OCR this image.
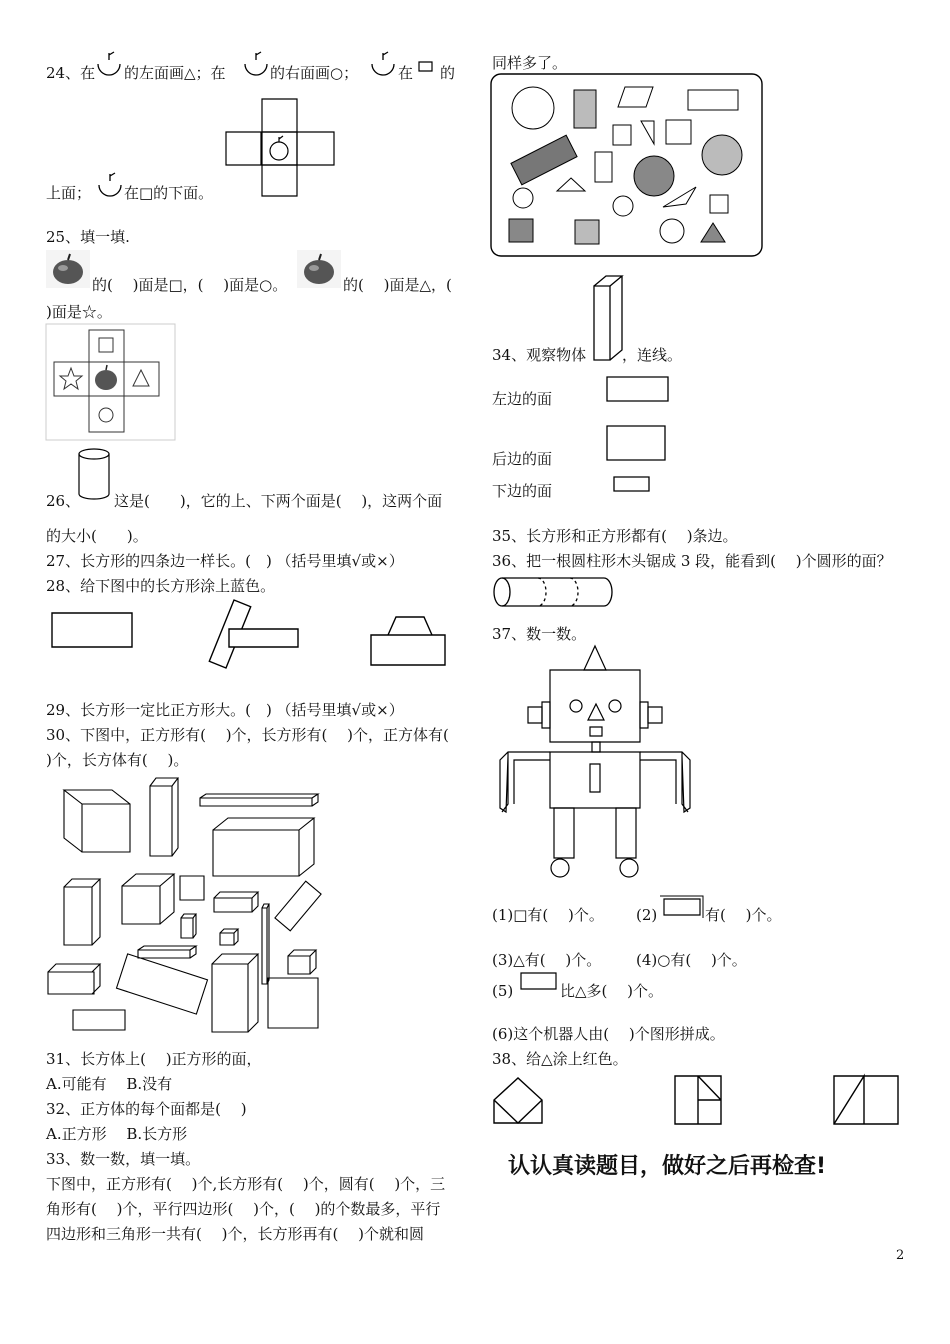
24、在 的左面画△；在	的右面画○；	在 的
上面； 在□的下面。
25、填一填.
的(　 )面是□，(　 )面是○。	的(　 )面是△，(
)面是☆。
26、 这是(　　)，它的上、下两个面是(　 )，这两个面
的大小(　　)。
27、长方形的四条边一样长。(　) （括号里填√或×）
28、给下图中的长方形涂上蓝色。
29、长方形一定比正方形大。(　) （括号里填√或×）
30、下图中，正方形有(　 )个，长方形有(　 )个，正方体有(
)个，长方体有(　 )。
31、长方体上(　 )正方形的面，
A.可能有　 B.没有
32、正方体的每个面都是(　 )
A.正方形　 B.长方形
33、数一数，填一填。
下图中，正方形有(　 )个,长方形有(　 )个，圆有(　 )个，三
角形有(　 )个，平行四边形(　 )个，(　 )的个数最多，平行
四边形和三角形一共有(　 )个，长方形再有(　 )个就和圆
同样多了。
34、观察物体 ，连线。
左边的面
后边的面
下边的面
35、长方形和正方形都有(　 )条边。
36、把一根圆柱形木头锯成 3 段，能看到(　 )个圆形的面？
37、数一数。
(1)□有(　 )个。 (2)	有(　 )个。
(3)△有(　 )个。 (4)○有(　 )个。
(5)	比△多(　 )个。
(6)这个机器人由(　 )个图形拼成。
38、给△涂上红色。
认认真读题目，做好之后再检查!
2
